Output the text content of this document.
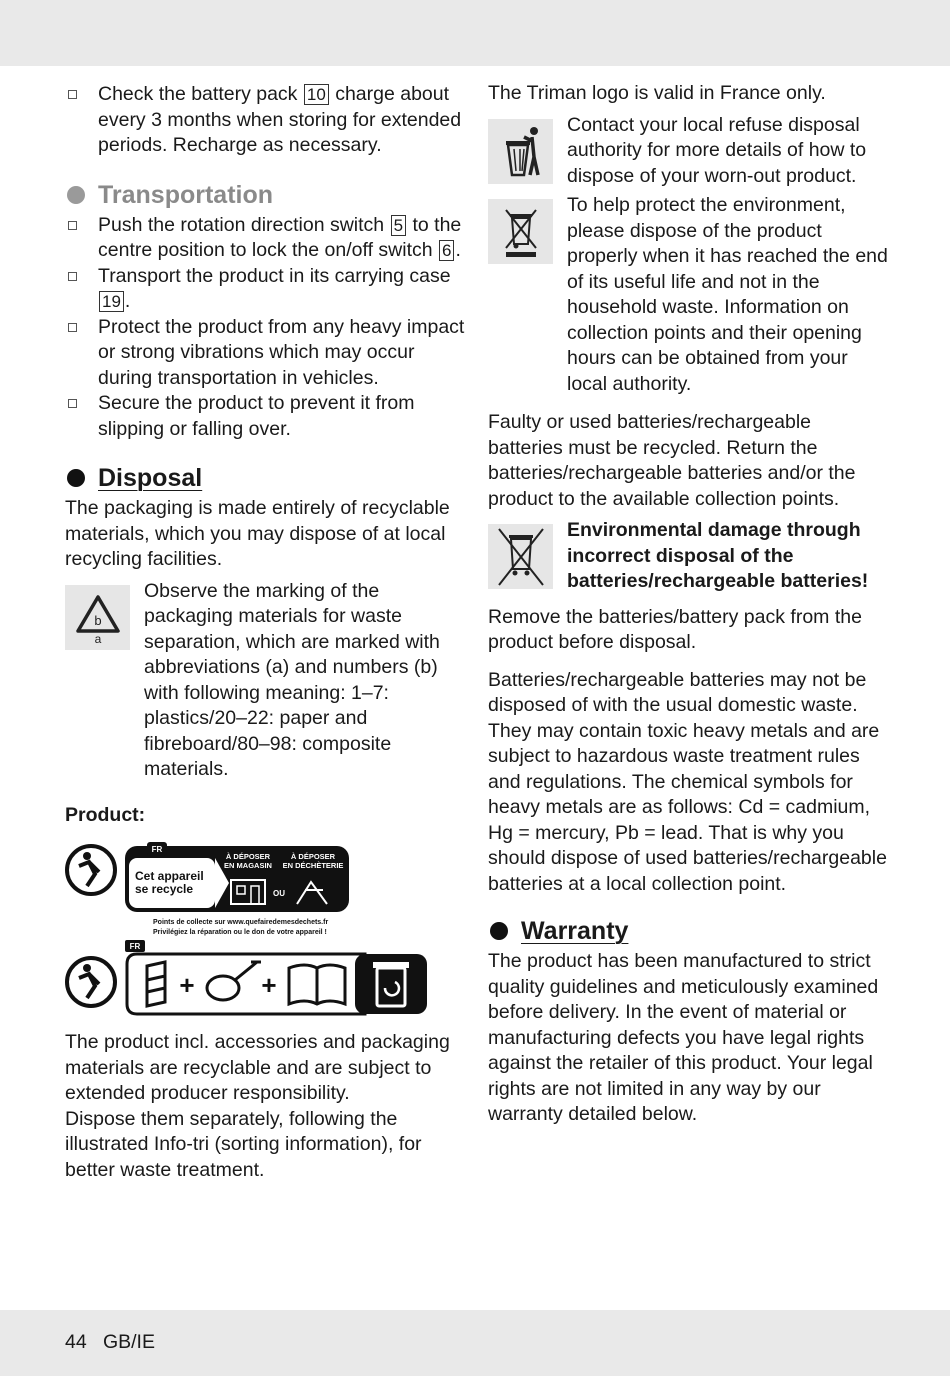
Check the battery pack 10 charge about every 3 months when storing for extended periods. Recharge as necessary.
Transportation
Push the rotation direction switch 5 to the centre position to lock the on/off switch 6 .
Transport the product in its carrying case 19 .
Protect the product from any heavy impact or strong vibrations which may occur during transportation in vehicles.
Secure the product to prevent it from slipping or falling over.
Disposal

The packaging is made entirely of recyclable materials, which you may dispose of at local recycling facilities.

b
a

Observe the marking of the packaging materials for waste separation, which are marked with abbreviations (a) and numbers (b) with following meaning: 1–7: plastics/20–22: paper and fibreboard/80–98: composite materials.

Product:

FR
Cet appareil
se recycle
À DÉPOSER
EN MAGASIN
À DÉPOSER
EN DÉCHÈTERIE
OU
Points de collecte sur www.quefairedemesdechets.fr
Privilégiez la réparation ou le don de votre appareil !
FR
+	+

The product incl. accessories and packaging materials are recyclable and are subject to extended producer responsibility.

Dispose them separately, following the illustrated Info-tri (sorting information), for better waste treatment.

The Triman logo is valid in France only.

Contact your local refuse disposal authority for more details of how to dispose of your worn-out product.

To help protect the environment, please dispose of the product properly when it has reached the end of its useful life and not in the household waste. Information on collection points and their opening hours can be obtained from your local authority.

Faulty or used batteries/rechargeable batteries must be recycled. Return the batteries/rechargeable batteries and/or the product to the available collection points.

Environmental damage through incorrect disposal of the batteries/rechargeable batteries!

Remove the batteries/battery pack from the product before disposal.

Batteries/rechargeable batteries may not be disposed of with the usual domestic waste. They may contain toxic heavy metals and are subject to hazardous waste treatment rules and regulations. The chemical symbols for heavy metals are as follows: Cd = cadmium, Hg = mercury, Pb = lead. That is why you should dispose of used batteries/rechargeable batteries at a local collection point.

Warranty

The product has been manufactured to strict quality guidelines and meticulously examined before delivery. In the event of material or manufacturing defects you have legal rights against the retailer of this product. Your legal rights are not limited in any way by our warranty detailed below.

44   GB/IE
